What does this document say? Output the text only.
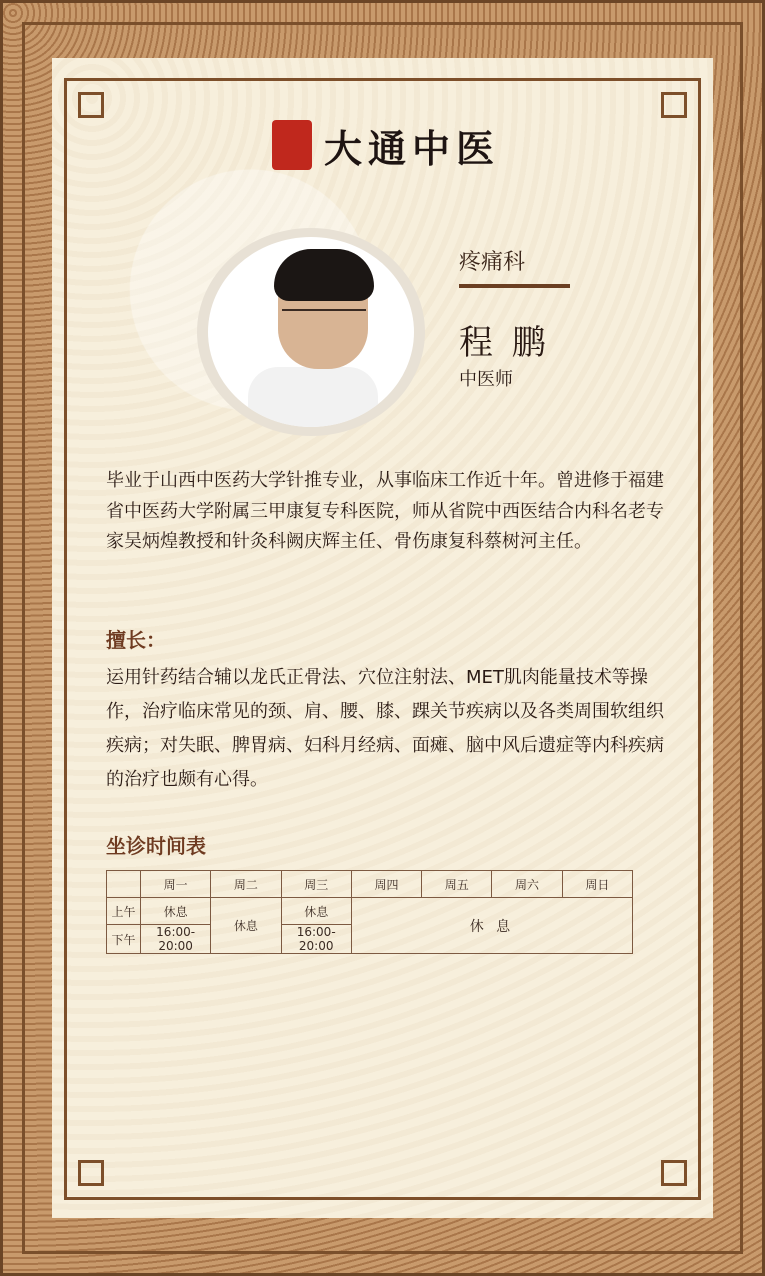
大通中医
疼痛科
程 鹏
中医师
毕业于山西中医药大学针推专业，从事临床工作近十年。曾进修于福建省中医药大学附属三甲康复专科医院，师从省院中西医结合内科名老专家吴炳煌教授和针灸科阙庆辉主任、骨伤康复科蔡树河主任。
擅长：
运用针药结合辅以龙氏正骨法、穴位注射法、MET肌肉能量技术等操作，治疗临床常见的颈、肩、腰、膝、踝关节疾病以及各类周围软组织疾病；对失眠、脾胃病、妇科月经病、面瘫、脑中风后遗症等内科疾病的治疗也颇有心得。
坐诊时间表
	周一	周二	周三	周四	周五	周六	周日
上午	休息	休息	休息	休 息			
下午	16:00-20:00		16:00-20:00				
